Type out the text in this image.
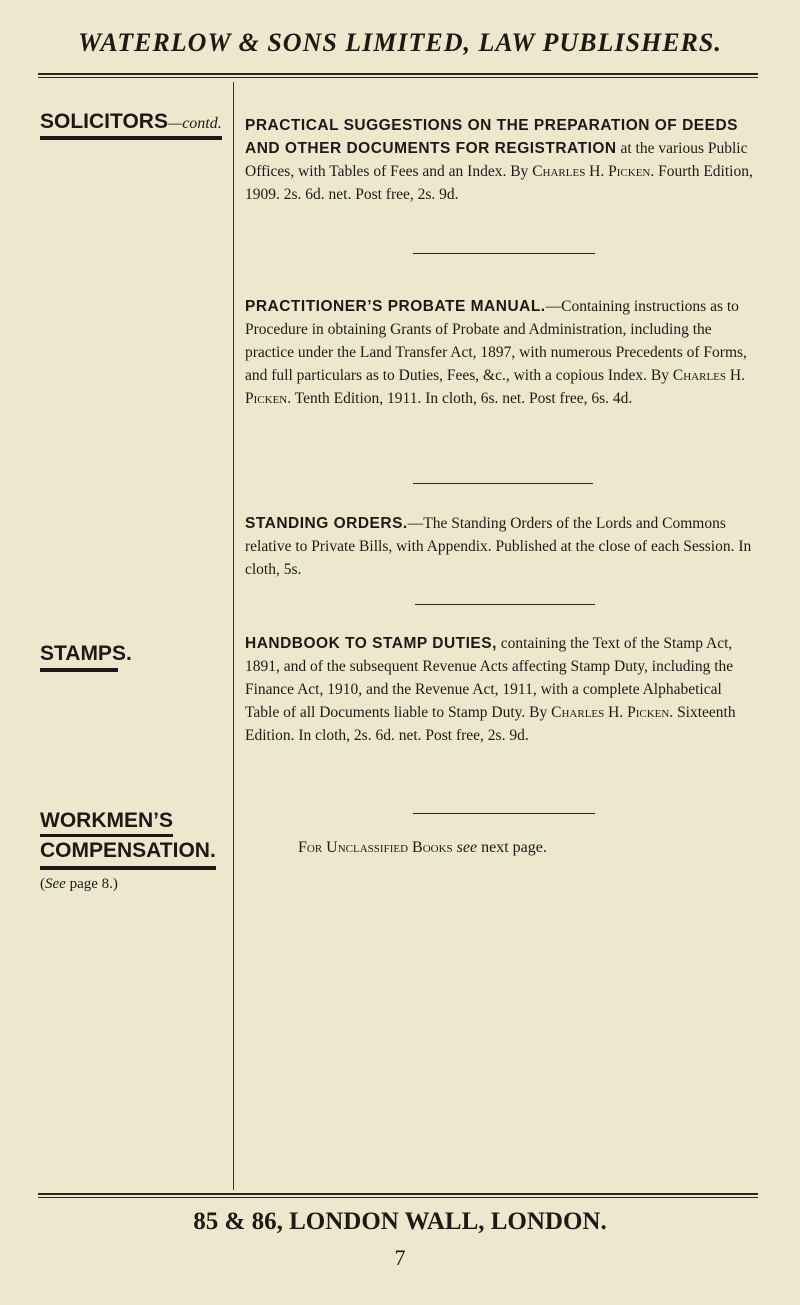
WATERLOW & SONS LIMITED, LAW PUBLISHERS.
SOLICITORS—contd.
STAMPS.
WORKMEN’S

COMPENSATION.
(See page 8.)
PRACTICAL SUGGESTIONS ON THE PREPARATION OF DEEDS AND OTHER DOCUMENTS FOR REGISTRATION at the various Public Offices, with Tables of Fees and an Index. By Charles H. Picken. Fourth Edition, 1909. 2s. 6d. net. Post free, 2s. 9d.
PRACTITIONER’S PROBATE MANUAL.—Containing instructions as to Procedure in obtaining Grants of Probate and Administration, including the practice under the Land Transfer Act, 1897, with numerous Precedents of Forms, and full particulars as to Duties, Fees, &c., with a copious Index. By Charles H. Picken. Tenth Edition, 1911. In cloth, 6s. net. Post free, 6s. 4d.
STANDING ORDERS.—The Standing Orders of the Lords and Commons relative to Private Bills, with Appendix. Published at the close of each Session. In cloth, 5s.
HANDBOOK TO STAMP DUTIES, containing the Text of the Stamp Act, 1891, and of the subsequent Revenue Acts affecting Stamp Duty, including the Finance Act, 1910, and the Revenue Act, 1911, with a complete Alphabetical Table of all Documents liable to Stamp Duty. By Charles H. Picken. Sixteenth Edition. In cloth, 2s. 6d. net. Post free, 2s. 9d.
For Unclassified Books see next page.
85 & 86, LONDON WALL, LONDON.
7
